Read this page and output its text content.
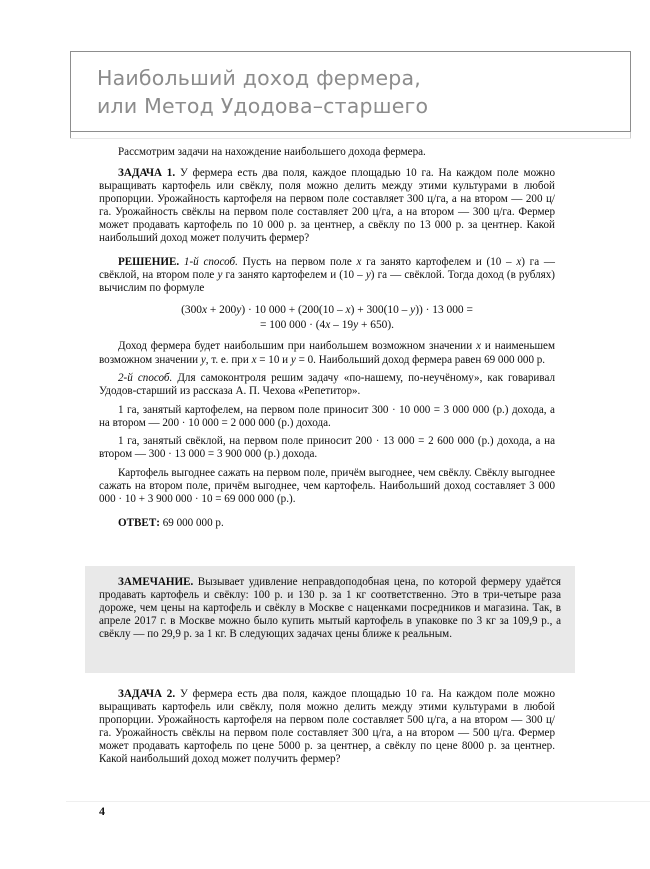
Наибольший доход фермера,
или Метод Удодова–старшего

Рассмотрим задачи на нахождение наибольшего дохода фермера.

ЗАДАЧА 1. У фермера есть два поля, каждое площадью 10 га. На каждом поле можно выращивать картофель или свёклу, поля можно делить между этими культурами в любой пропорции. Урожайность картофеля на первом поле составляет 300 ц/га, а на втором — 200 ц/га. Урожайность свёклы на первом поле составляет 200 ц/га, а на втором — 300 ц/га. Фермер может продавать картофель по 10 000 р. за центнер, а свёклу по 13 000 р. за центнер. Какой наибольший доход может получить фермер?

РЕШЕНИЕ. 1-й способ. Пусть на первом поле x га занято картофелем и (10 – x) га — свёклой, на втором поле y га занято картофелем и (10 – y) га — свёклой. Тогда доход (в рублях) вычислим по формуле

(300x + 200y) · 10 000 + (200(10 – x) + 300(10 – y)) · 13 000 =
= 100 000 · (4x – 19y + 650).

Доход фермера будет наибольшим при наибольшем возможном значении x и наименьшем возможном значении y, т. е. при x = 10 и y = 0. Наибольший доход фермера равен 69 000 000 р.

2-й способ. Для самоконтроля решим задачу «по-нашему, по-неучёному», как говаривал Удодов-старший из рассказа А. П. Чехова «Репетитор».

1 га, занятый картофелем, на первом поле приносит 300 · 10 000 = 3 000 000 (р.) дохода, а на втором — 200 · 10 000 = 2 000 000 (р.) дохода.

1 га, занятый свёклой, на первом поле приносит 200 · 13 000 = 2 600 000 (р.) дохода, а на втором — 300 · 13 000 = 3 900 000 (р.) дохода.

Картофель выгоднее сажать на первом поле, причём выгоднее, чем свёклу. Свёклу выгоднее сажать на втором поле, причём выгоднее, чем картофель. Наибольший доход составляет 3 000 000 · 10 + 3 900 000 · 10 = 69 000 000 (р.).

ОТВЕТ: 69 000 000 р.

ЗАМЕЧАНИЕ. Вызывает удивление неправдоподобная цена, по которой фермеру удаётся продавать картофель и свёклу: 100 р. и 130 р. за 1 кг соответственно. Это в три-четыре раза дороже, чем цены на картофель и свёклу в Москве с наценками посредников и магазина. Так, в апреле 2017 г. в Москве можно было купить мытый картофель в упаковке по 3 кг за 109,9 р., а свёклу — по 29,9 р. за 1 кг. В следующих задачах цены ближе к реальным.

ЗАДАЧА 2. У фермера есть два поля, каждое площадью 10 га. На каждом поле можно выращивать картофель или свёклу, поля можно делить между этими культурами в любой пропорции. Урожайность картофеля на первом поле составляет 500 ц/га, а на втором — 300 ц/га. Урожайность свёклы на первом поле составляет 300 ц/га, а на втором — 500 ц/га. Фермер может продавать картофель по цене 5000 р. за центнер, а свёклу по цене 8000 р. за центнер. Какой наибольший доход может получить фермер?

4
